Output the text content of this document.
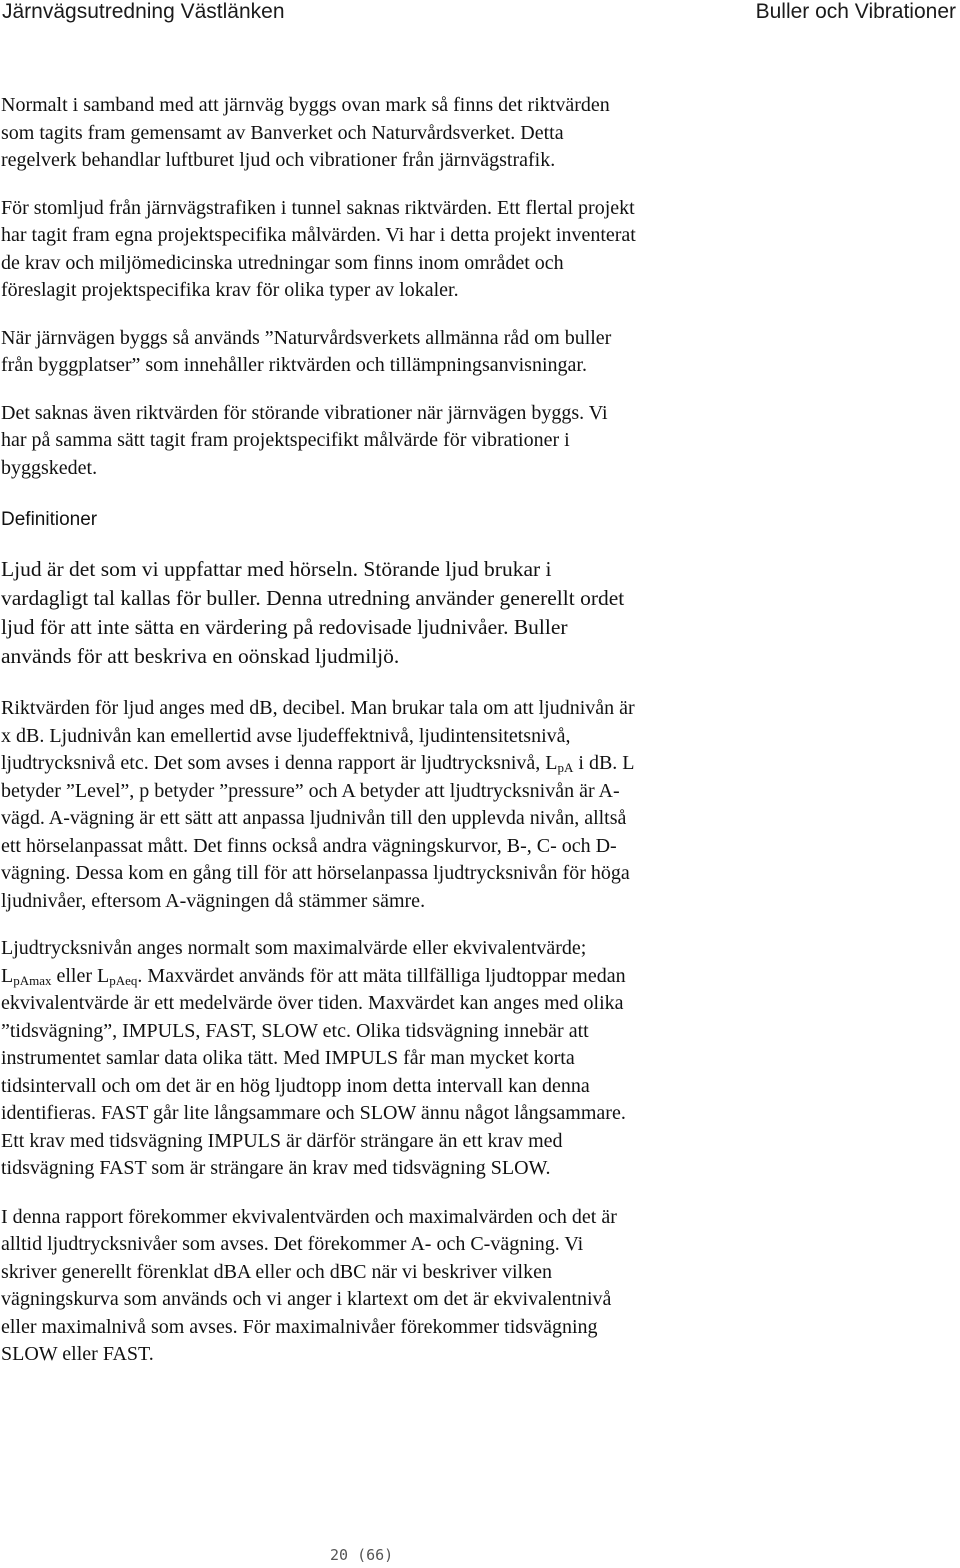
Järnvägsutredning Västlänken	Buller och Vibrationer

Normalt i samband med att järnväg byggs ovan mark så finns det riktvärden
som tagits fram gemensamt av Banverket och Naturvårdsverket. Detta
regelverk behandlar luftburet ljud och vibrationer från järnvägstrafik.

För stomljud från järnvägstrafiken i tunnel saknas riktvärden. Ett flertal projekt
har tagit fram egna projektspecifika målvärden. Vi har i detta projekt inventerat
de krav och miljömedicinska utredningar som finns inom området och
föreslagit projektspecifika krav för olika typer av lokaler.

När järnvägen byggs så används ”Naturvårdsverkets allmänna råd om buller
från byggplatser” som innehåller riktvärden och tillämpningsanvisningar.

Det saknas även riktvärden för störande vibrationer när järnvägen byggs. Vi
har på samma sätt tagit fram projektspecifikt målvärde för vibrationer i
byggskedet.

Definitioner

Ljud är det som vi uppfattar med hörseln. Störande ljud brukar i
vardagligt tal kallas för buller. Denna utredning använder generellt ordet
ljud för att inte sätta en värdering på redovisade ljudnivåer. Buller
används för att beskriva en oönskad ljudmiljö.

Riktvärden för ljud anges med dB, decibel. Man brukar tala om att ljudnivån är
x dB. Ljudnivån kan emellertid avse ljudeffektnivå, ljudintensitetsnivå,
ljudtrycksnivå etc. Det som avses i denna rapport är ljudtrycksnivå, $L_{pA}$ i dB. L
betyder ”Level”, p betyder ”pressure” och A betyder att ljudtrycksnivån är A-
vägd. A-vägning är ett sätt att anpassa ljudnivån till den upplevda nivån, alltså
ett hörselanpassat mått. Det finns också andra vägningskurvor, B-, C- och D-
vägning. Dessa kom en gång till för att hörselanpassa ljudtrycksnivån för höga
ljudnivåer, eftersom A-vägningen då stämmer sämre.

Ljudtrycksnivån anges normalt som maximalvärde eller ekvivalentvärde;
$L_{pAmax}$ eller $L_{pAeq}$. Maxvärdet används för att mäta tillfälliga ljudtoppar medan
ekvivalentvärde är ett medelvärde över tiden. Maxvärdet kan anges med olika
”tidsvägning”, IMPULS, FAST, SLOW etc. Olika tidsvägning innebär att
instrumentet samlar data olika tätt. Med IMPULS får man mycket korta
tidsintervall och om det är en hög ljudtopp inom detta intervall kan denna
identifieras. FAST går lite långsammare och SLOW ännu något långsammare.
Ett krav med tidsvägning IMPULS är därför strängare än ett krav med
tidsvägning FAST som är strängare än krav med tidsvägning SLOW.

I denna rapport förekommer ekvivalentvärden och maximalvärden och det är
alltid ljudtrycksnivåer som avses. Det förekommer A- och C-vägning. Vi
skriver generellt förenklat dBA eller och dBC när vi beskriver vilken
vägningskurva som används och vi anger i klartext om det är ekvivalentnivå
eller maximalnivå som avses. För maximalnivåer förekommer tidsvägning
SLOW eller FAST.

20 (66)
